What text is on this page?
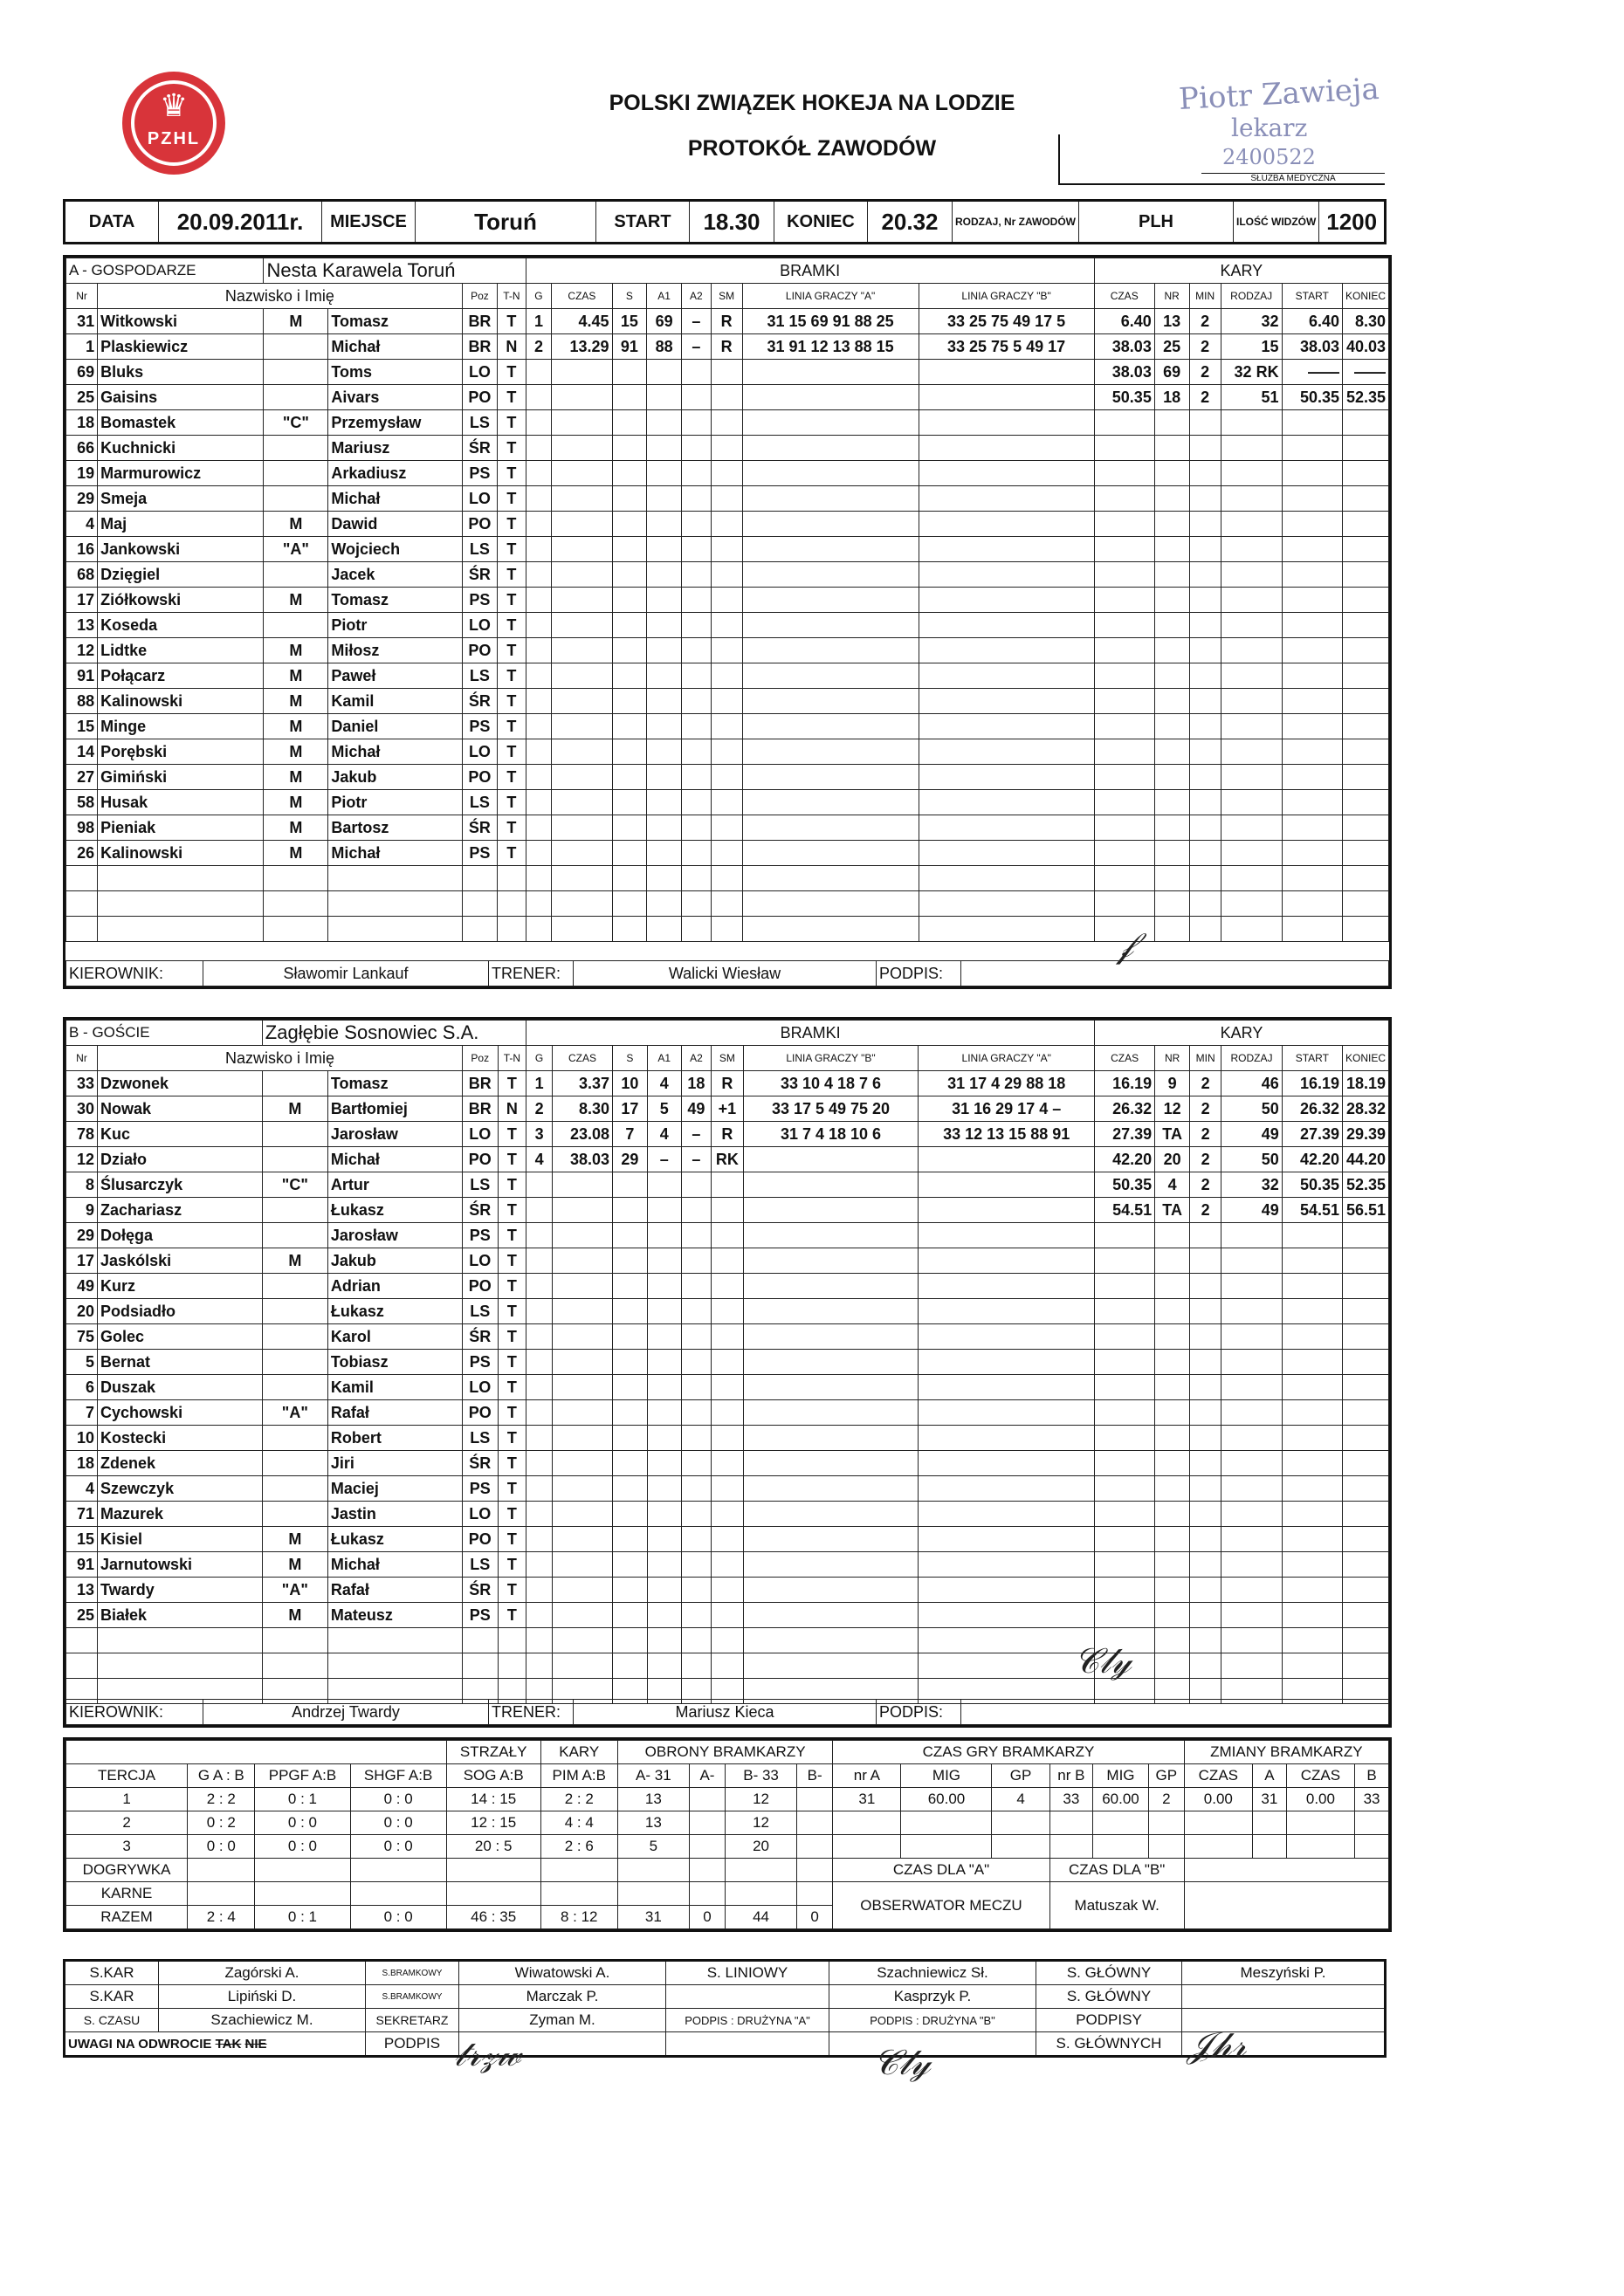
♛
PZHL
POLSKI ZWIĄZEK HOKEJA NA LODZIE
PROTOKÓŁ ZAWODÓW
SŁUŻBA MEDYCZNA
Piotr Zawieja
lekarz
2400522
DATA	20.09.2011r.	MIEJSCE	Toruń	START	18.30	KONIEC	20.32	RODZAJ, Nr ZAWODÓW	PLH	ILOŚĆ WIDZÓW	1200
A - GOSPODARZE		Nesta Karawela Toruń				BRAMKI								KARY					
Nr	Nazwisko i Imię			Poz	T-N	G	CZAS	S	A1	A2	SM	LINIA GRACZY "A"	LINIA GRACZY "B"	CZAS	NR	MIN	RODZAJ	START	KONIEC
31	Witkowski	M	Tomasz	BR	T	1	4.45	15	69	–	R	31 15 69 91 88 25	33 25 75 49 17 5	6.40	13	2	32	6.40	8.30
1	Plaskiewicz		Michał	BR	N	2	13.29	91	88	–	R	31 91 12 13 88 15	33 25 75 5 49 17	38.03	25	2	15	38.03	40.03
69	Bluks		Toms	LO	T									38.03	69	2	32 RK	——	——
25	Gaisins		Aivars	PO	T									50.35	18	2	51	50.35	52.35
18	Bomastek	"C"	Przemysław	LS	T														
66	Kuchnicki		Mariusz	ŚR	T														
19	Marmurowicz		Arkadiusz	PS	T														
29	Smeja		Michał	LO	T														
4	Maj	M	Dawid	PO	T														
16	Jankowski	"A"	Wojciech	LS	T														
68	Dzięgiel		Jacek	ŚR	T														
17	Ziółkowski	M	Tomasz	PS	T														
13	Koseda		Piotr	LO	T														
12	Lidtke	M	Miłosz	PO	T														
91	Połącarz	M	Paweł	LS	T														
88	Kalinowski	M	Kamil	ŚR	T														
15	Minge	M	Daniel	PS	T														
14	Porębski	M	Michał	LO	T														
27	Gimiński	M	Jakub	PO	T														
58	Husak	M	Piotr	LS	T														
98	Pieniak	M	Bartosz	ŚR	T														
26	Kalinowski	M	Michał	PS	T														

KIEROWNIK:	Sławomir Lankauf	TRENER:	Walicki Wiesław	PODPIS:	
B - GOŚCIE		Zagłębie Sosnowiec S.A.				BRAMKI								KARY					
Nr	Nazwisko i Imię			Poz	T-N	G	CZAS	S	A1	A2	SM	LINIA GRACZY "B"	LINIA GRACZY "A"	CZAS	NR	MIN	RODZAJ	START	KONIEC
33	Dzwonek		Tomasz	BR	T	1	3.37	10	4	18	R	33 10 4 18 7 6	31 17 4 29 88 18	16.19	9	2	46	16.19	18.19
30	Nowak	M	Bartłomiej	BR	N	2	8.30	17	5	49	+1	33 17 5 49 75 20	31 16 29 17 4 –	26.32	12	2	50	26.32	28.32
78	Kuc		Jarosław	LO	T	3	23.08	7	4	–	R	31 7 4 18 10 6	33 12 13 15 88 91	27.39	TA	2	49	27.39	29.39
12	Działo		Michał	PO	T	4	38.03	29	–	–	RK			42.20	20	2	50	42.20	44.20
8	Ślusarczyk	"C"	Artur	LS	T									50.35	4	2	32	50.35	52.35
9	Zachariasz		Łukasz	ŚR	T									54.51	TA	2	49	54.51	56.51
29	Dołęga		Jarosław	PS	T														
17	Jaskólski	M	Jakub	LO	T														
49	Kurz		Adrian	PO	T														
20	Podsiadło		Łukasz	LS	T														
75	Golec		Karol	ŚR	T														
5	Bernat		Tobiasz	PS	T														
6	Duszak		Kamil	LO	T														
7	Cychowski	"A"	Rafał	PO	T														
10	Kostecki		Robert	LS	T														
18	Zdenek		Jiri	ŚR	T														
4	Szewczyk		Maciej	PS	T														
71	Mazurek		Jastin	LO	T														
15	Kisiel	M	Łukasz	PO	T														
91	Jarnutowski	M	Michał	LS	T														
13	Twardy	"A"	Rafał	ŚR	T														
25	Białek	M	Mateusz	PS	T														

KIEROWNIK:	Andrzej Twardy	TRENER:	Mariusz Kieca	PODPIS:	
				STRZAŁY	KARY	OBRONY BRAMKARZY				CZAS GRY BRAMKARZY						ZMIANY BRAMKARZY			
TERCJA	G A : B	PPGF A:B	SHGF A:B	SOG A:B	PIM A:B	A- 31	A-	B- 33	B-	nr A	MIG	GP	nr B	MIG	GP	CZAS	A	CZAS	B
1	2 : 2	0 : 1	0 : 0	14 : 15	2 : 2	13		12		31	60.00	4	33	60.00	2	0.00	31	0.00	33
2	0 : 2	0 : 0	0 : 0	12 : 15	4 : 4	13		12											
3	0 : 0	0 : 0	0 : 0	20 : 5	2 : 6	5		20											
DOGRYWKA										CZAS DLA "A"			CZAS DLA "B"						
KARNE										OBSERWATOR MECZU			Matuszak W.						
RAZEM	2 : 4	0 : 1	0 : 0	46 : 35	8 : 12	31	0	44	0										
S.KAR	Zagórski A.	S.BRAMKOWY	Wiwatowski A.	S. LINIOWY	Szachniewicz Sł.	S. GŁÓWNY	Meszyński P.
S.KAR	Lipiński D.	S.BRAMKOWY	Marczak P.		Kasprzyk P.	S. GŁÓWNY	
S. CZASU	Szachiewicz M.	SEKRETARZ	Zyman M.	PODPIS : DRUŻYNA "A"	PODPIS : DRUŻYNA "B"	PODPISY	
UWAGI NA ODWROCIE TAK NIE		PODPIS				S. GŁÓWNYCH	
𝒻
𝒞𝓁𝓎
𝓉𝓇𝓏𝓌	𝒞𝓁𝓎	𝒥𝒽𝓇
